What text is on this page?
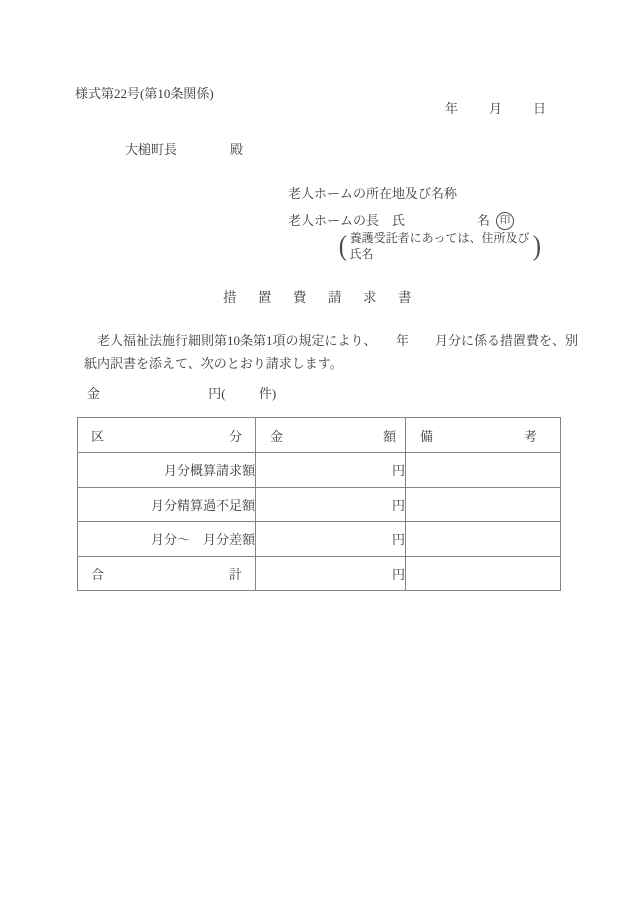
様式第22号(第10条関係)
年 月 日
大槌町長	殿
老人ホームの所在地及び名称
老人ホームの長　氏	名 印
( 養護受託者にあっては、住所及び
氏名	)
措置費請求書
老人福祉法施行細則第10条第1項の規定により、　　年　　月分に係る措置費を、別
紙内訳書を添えて、次のとおり請求します。
金	円(	件)
区 分	金 額	備 考

月分概算請求額	円	
月分精算過不足額	円	
月分～　月分差額	円	

合 計	円	
